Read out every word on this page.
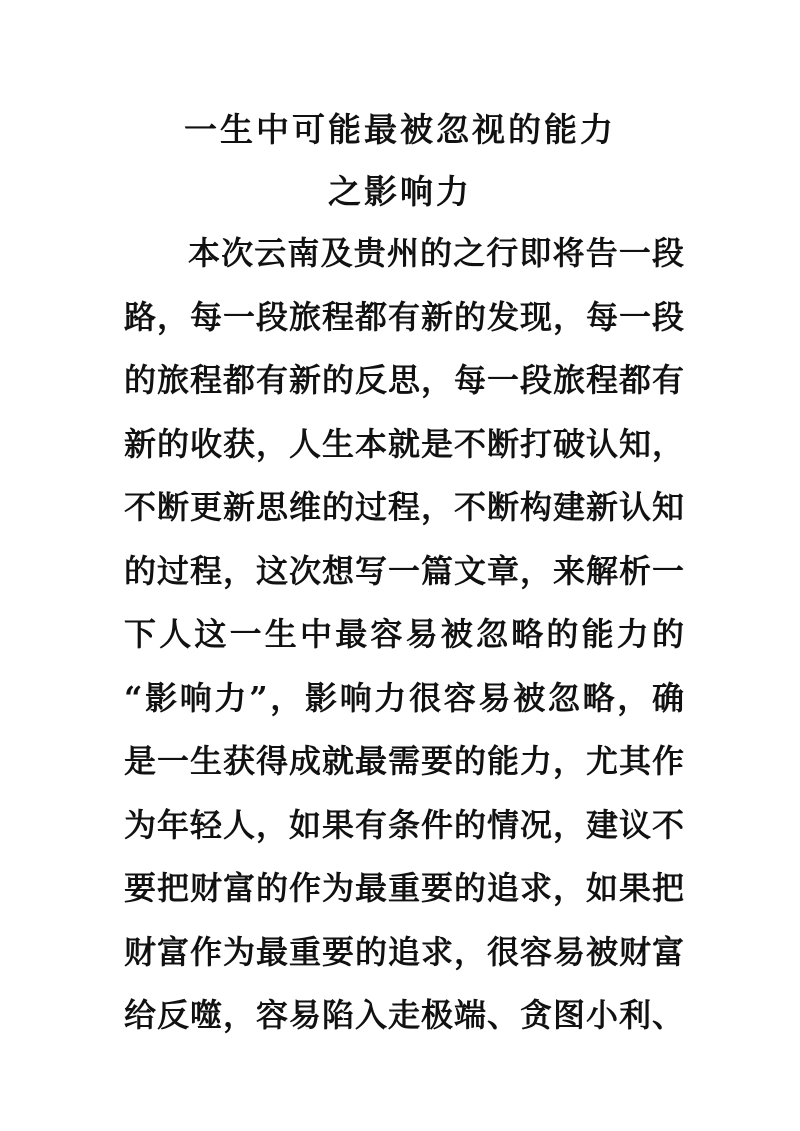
一生中可能最被忽视的能力
之影响力
本次云南及贵州的之行即将告一段
路，每一段旅程都有新的发现，每一段
的旅程都有新的反思，每一段旅程都有
新的收获，人生本就是不断打破认知，
不断更新思维的过程，不断构建新认知
的过程，这次想写一篇文章，来解析一
下人这一生中最容易被忽略的能力的
“影响力”，影响力很容易被忽略，确
是一生获得成就最需要的能力，尤其作
为年轻人，如果有条件的情况，建议不
要把财富的作为最重要的追求，如果把
财富作为最重要的追求，很容易被财富
给反噬，容易陷入走极端、贪图小利、
